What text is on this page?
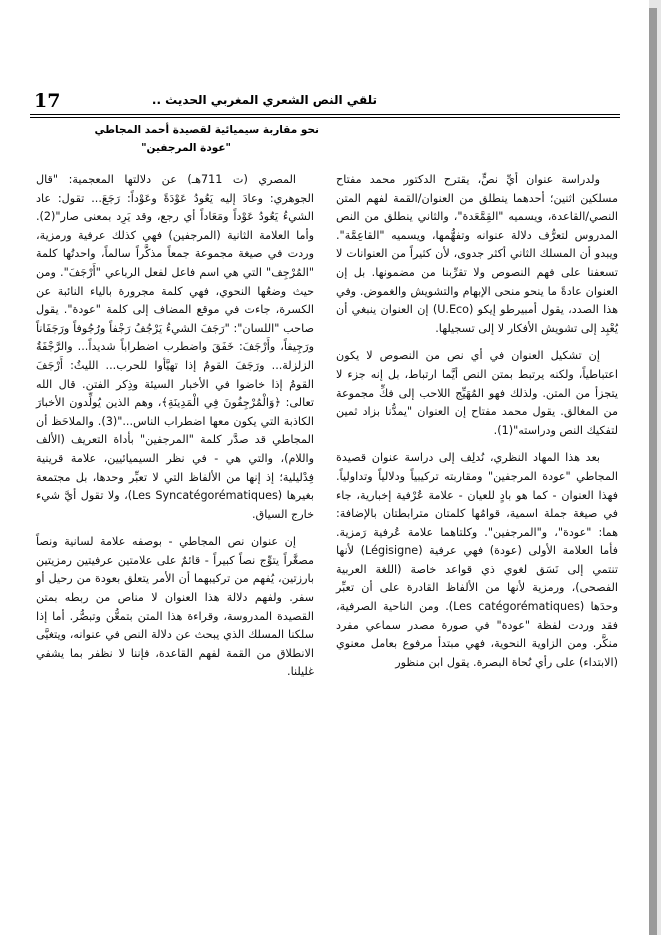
17	تلقي النص الشعري المغربي الحديث ..
نحو مقاربة سيميائية لقصيدة أحمد المجاطي
"عودة المرجفين"

ولدراسة عنوان أيِّ نصٍّ، يقترح الدكتور محمد مفتاح مسلكين اثنين؛ أحدهما ينطلق من العنوان/القمة لفهم المتن النصي/القاعدة، ويسميه "القِمَّعَدة"، والثاني ينطلق من النص المدروس لتعرُّف دلالة عنوانه وتفهُّمها، ويسميه "القاعِمَّة". ويبدو أن المسلك الثاني أكثر جدوى، لأن كثيراً من العنوانات لا تسعفنا على فهم النصوص ولا تقرِّبنا من مضمونها. بل إن العنوان عادةً ما ينحو منحى الإبهام والتشويش والغموض. وفي هذا الصدد، يقول أمبيرطو إيكو (U.Eco) إن العنوان ينبغي أن يُعْبِد إلى تشويش الأفكار لا إلى تسجيلها.

إن تشكيل العنوان في أي نص من النصوص لا يكون اعتباطياً، ولكنه يرتبط بمتن النص أيَّما ارتباط، بل إنه جزء لا يتجزأ من المتن. ولذلك فهو المُهَيِّج اللاحب إلى فكِّ مجموعة من المغالق. يقول محمد مفتاح إن العنوان "يمدُّنا بزاد ثمين لتفكيك النص ودراسته"(1).

بعد هذا المهاد النظري، نُدلِف إلى دراسة عنوان قصيدة المجاطي "عودة المرجفين" ومقاربته تركيبياً ودلالياً وتداولياً. فهذا العنوان - كما هو بادٍ للعيان - علامة عُرْفية إخبارية، جاء في صيغة جملة اسمية، قوامُها كلمتان مترابطتان بالإضافة: هما: "عودة"، و"المرجفين". وكلتاهما علامة عُرفية رَمزية. فأما العلامة الأولى (عودة) فهي عرفية (Légisigne) لأنها تنتمي إلى نَسَق لغوي ذي قواعد خاصة (اللغة العربية الفصحى)، ورمزية لأنها من الألفاظ القادرة على أن تعبِّر وحدَها (Les catégorématiques). ومن الناحية الصرفية، فقد وردت لفظة "عودة" في صورة مصدر سماعي مفرد منكَّر. ومن الزاوية النحوية، فهي مبتدأ مرفوع بعامل معنوي (الابتداء) على رأي نُحاة البصرة. يقول ابن منظور

المصري (ت 711هـ) عن دلالتها المعجمية: "قال الجوهري: وعادَ إليه يَعُودُ عَوْدَةً وعَوْداً: رَجَعَ... تقول: عاد الشيءُ يَعُودُ عَوْداً ومَعَاداً أي رجع، وقد يَرِد بمعنى صار"(2). وأما العلامة الثانية (المرجفين) فهي كذلك عرفية ورمزية، وردت في صيغة مجموعة جمعاً مذكَّراً سالماً، واحدتُها كلمة "المُرْجِف" التي هي اسم فاعل لفعل الرباعي "أَرْجَفَ". ومن حيث وضعُها النحوي، فهي كلمة مجرورة بالياء النائبة عن الكسرة، جاءت في موقع المضاف إلى كلمة "عودة". يقول صاحب "اللسان": "رَجَفَ الشيءُ يَرْجُفُ رَجْفاً ورُجُوفاً ورَجَفَاناً ورَجِيفاً، وأَرْجَفَ: خَفَقَ واضطرب اضطراباً شديداً... والرَّجْفَةُ الزلزلة... ورَجَفَ القومُ إذا تهيَّأوا للحرب... الليثُ: أَرْجَفَ القومُ إذا خاضوا في الأخبار السيئة وذِكر الفتن. قال الله تعالى: ﴿وَالْمُرْجِفُونَ فِي الْمَدِينَةِ﴾، وهم الذين يُولِّدون الأخبارَ الكاذبة التي يكون معها اضطراب الناس..."(3). والملاحَظ أن المجاطي قد صدَّر كلمة "المرجفين" بأداة التعريف (الألف واللام)، والتي هي - في نظر السيميائيين، علامة قرينية فِدْليلية؛ إذ إنها من الألفاظ التي لا تعبِّر وحدها، بل مجتمعة بغيرها (Les Syncatégorématiques)، ولا تقول أيَّ شيء خارج السياق.

إن عنوان نص المجاطي - بوصفه علامة لسانية ونصاً مصغَّراً يتوِّج نصاً كبيراً - قائمٌ على علامتين عرفيتين رمزيتين بارزتين، يُفهم من تركيبهما أن الأمر يتعلق بعودة من رحيل أو سفر. ولفهم دلالة هذا العنوان لا مناص من ربطه بمتن القصيدة المدروسة، وقراءة هذا المتن بتمعُّن وتبصُّر. أما إذا سلكنا المسلك الذي يبحث عن دلالة النص في عنوانه، ويتغيَّى الانطلاق من القمة لفهم القاعدة، فإننا لا نظفر بما يشفي غليلنا.
